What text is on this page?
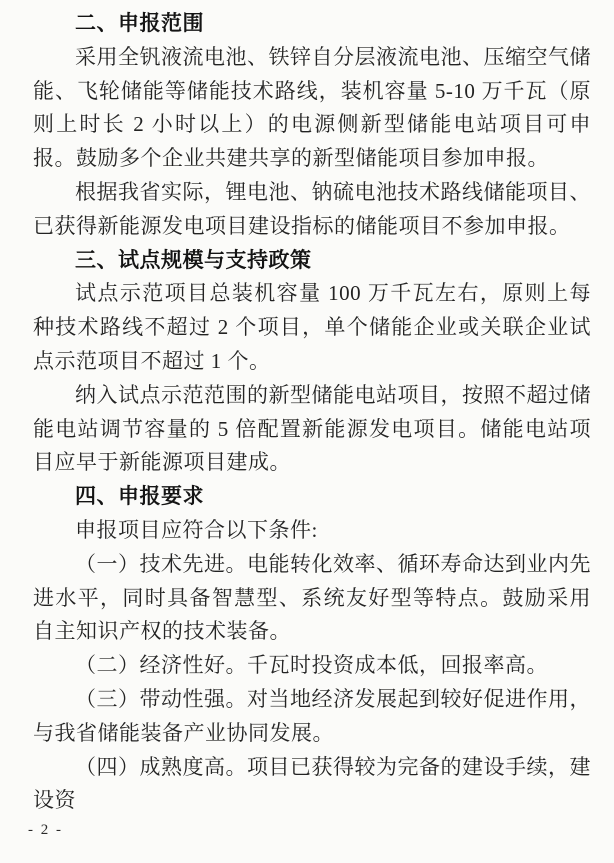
二、申报范围

采用全钒液流电池、铁锌自分层液流电池、压缩空气储能、飞轮储能等储能技术路线，装机容量 5-10 万千瓦（原则上时长 2 小时以上）的电源侧新型储能电站项目可申报。鼓励多个企业共建共享的新型储能项目参加申报。

根据我省实际，锂电池、钠硫电池技术路线储能项目、已获得新能源发电项目建设指标的储能项目不参加申报。

三、试点规模与支持政策

试点示范项目总装机容量 100 万千瓦左右，原则上每种技术路线不超过 2 个项目，单个储能企业或关联企业试点示范项目不超过 1 个。

纳入试点示范范围的新型储能电站项目，按照不超过储能电站调节容量的 5 倍配置新能源发电项目。储能电站项目应早于新能源项目建成。

四、申报要求

申报项目应符合以下条件:

（一）技术先进。电能转化效率、循环寿命达到业内先进水平，同时具备智慧型、系统友好型等特点。鼓励采用自主知识产权的技术装备。

（二）经济性好。千瓦时投资成本低，回报率高。

（三）带动性强。对当地经济发展起到较好促进作用，与我省储能装备产业协同发展。

（四）成熟度高。项目已获得较为完备的建设手续，建设资

- 2 -
